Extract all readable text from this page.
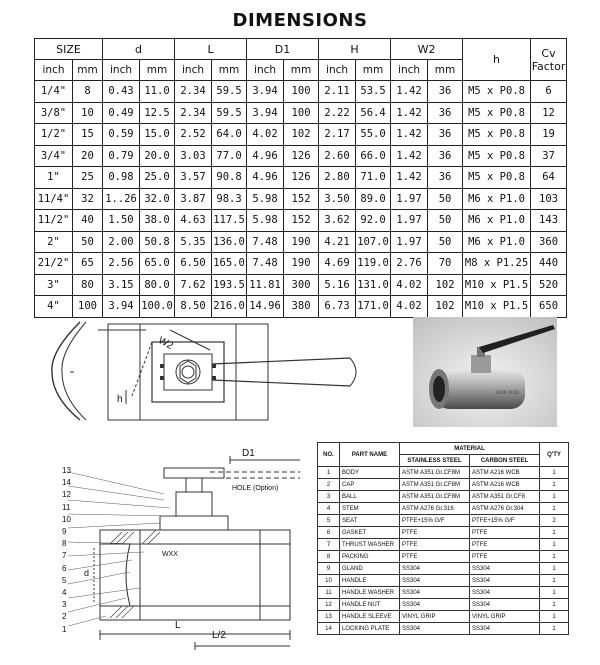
DIMENSIONS
SIZE		d		L		D1		H		W2		h	Cv Factor
inch	mm	inch	mm	inch	mm	inch	mm	inch	mm	inch	mm		
1/4"	8	0.43	11.0	2.34	59.5	3.94	100	2.11	53.5	1.42	36	M5 x P0.8	6
3/8"	10	0.49	12.5	2.34	59.5	3.94	100	2.22	56.4	1.42	36	M5 x P0.8	12
1/2"	15	0.59	15.0	2.52	64.0	4.02	102	2.17	55.0	1.42	36	M5 x P0.8	19
3/4"	20	0.79	20.0	3.03	77.0	4.96	126	2.60	66.0	1.42	36	M5 x P0.8	37
1"	25	0.98	25.0	3.57	90.8	4.96	126	2.80	71.0	1.42	36	M5 x P0.8	64
11/4"	32	1..26	32.0	3.87	98.3	5.98	152	3.50	89.0	1.97	50	M6 x P1.0	103
11/2"	40	1.50	38.0	4.63	117.5	5.98	152	3.62	92.0	1.97	50	M6 x P1.0	143
2"	50	2.00	50.8	5.35	136.0	7.48	190	4.21	107.0	1.97	50	M6 x P1.0	360
21/2"	65	2.56	65.0	6.50	165.0	7.48	190	4.69	119.0	2.76	70	M8 x P1.25	440
3"	80	3.15	80.0	7.62	193.5	11.81	300	5.16	131.0	4.02	102	M10 x P1.5	520
4"	100	3.94	100.0	8.50	216.0	14.96	380	6.73	171.0	4.02	102	M10 x P1.5	650
W2
h
1000 WOG
D1
HOLE (Option)
d
L
L/2
WXX
13
14
12
11
10
9
8
7
6
5
4
3
2
1
NO.	PART NAME	MATERIAL		Q'TY
		STAINLESS STEEL	CARBON STEEL	
1	BODY	ASTM A351 Gr.CF8M	ASTM A216 WCB	1
2	CAP	ASTM A351 Gr.CF8M	ASTM A216 WCB	1
3	BALL	ASTM A351 Gr.CF8M	ASTM A351 Gr.CF8	1
4	STEM	ASTM A276 Gr.316	ASTM A276 Gr.304	1
5	SEAT	PTFE+15% G/F	PTFE+15% G/F	2
6	GASKET	PTFE	PTFE	1
7	THRUST WASHER	PTFE	PTFE	1
8	PACKING	PTFE	PTFE	1
9	GLAND	SS304	SS304	1
10	HANDLE	SS304	SS304	1
11	HANDLE WASHER	SS304	SS304	1
12	HANDLE NUT	SS304	SS304	1
13	HANDLE SLEEVE	VINYL GRIP	VINYL GRIP	1
14	LOCKING PLATE	SS304	SS304	1
